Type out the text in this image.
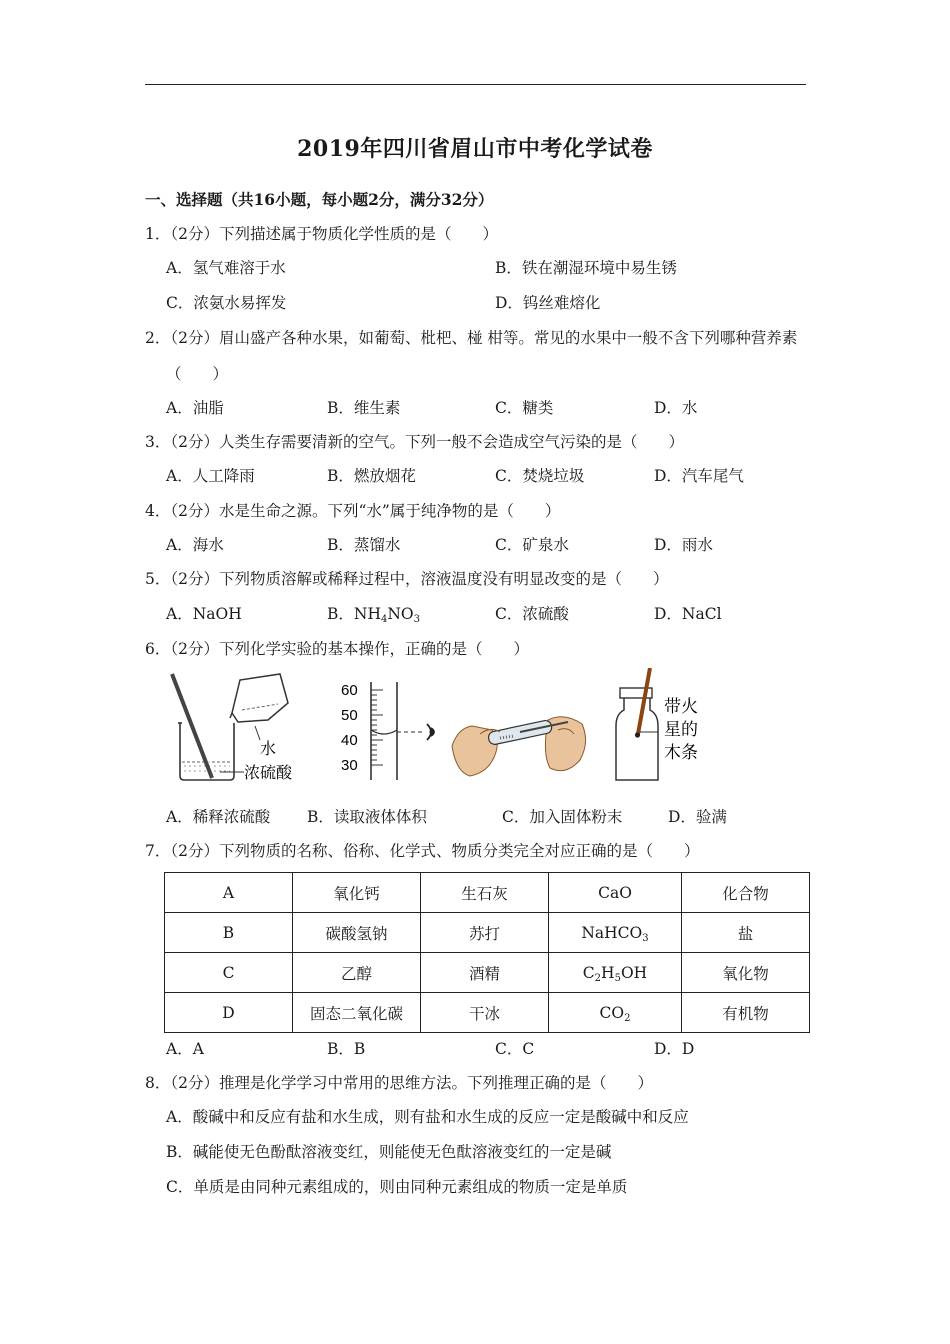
2019年四川省眉山市中考化学试卷
一、选择题（共16小题，每小题2分，满分32分）
1．（2分）下列描述属于物质化学性质的是（　　）
A．氢气难溶于水	B．铁在潮湿环境中易生锈
C．浓氨水易挥发	D．钨丝难熔化
2．（2分）眉山盛产各种水果，如葡萄、枇杷、椪 柑等。常见的水果中一般不含下列哪种营养素
（　　）
A．油脂	B．维生素	C．糖类	D．水
3．（2分）人类生存需要清新的空气。下列一般不会造成空气污染的是（　　）
A．人工降雨	B．燃放烟花	C．焚烧垃圾	D．汽车尾气
4．（2分）水是生命之源。下列“水”属于纯净物的是（　　）
A．海水	B．蒸馏水	C．矿泉水	D．雨水
5．（2分）下列物质溶解或稀释过程中，溶液温度没有明显改变的是（　　）
A．NaOH	B．$NH_4NO_3$	C．浓硫酸	D．NaCl
6．（2分）下列化学实验的基本操作，正确的是（　　）
水
浓硫酸
60
50
40
30
带火
星的
木条
A．稀释浓硫酸 B．读取液体体积	C．加入固体粉末	D．验满
7．（2分）下列物质的名称、俗称、化学式、物质分类完全对应正确的是（　　）
A	氧化钙	生石灰	CaO	化合物
B	碳酸氢钠	苏打	NaHCO$_3$	盐
C	乙醇	酒精	$C_2H_5OH$	氧化物
D	固态二氧化碳	干冰	$CO_2$	有机物
A．A	B．B	C．C	D．D
8．（2分）推理是化学学习中常用的思维方法。下列推理正确的是（　　）
A．酸碱中和反应有盐和水生成，则有盐和水生成的反应一定是酸碱中和反应
B．碱能使无色酚酞溶液变红，则能使无色酞溶液变红的一定是碱
C．单质是由同种元素组成的，则由同种元素组成的物质一定是单质
